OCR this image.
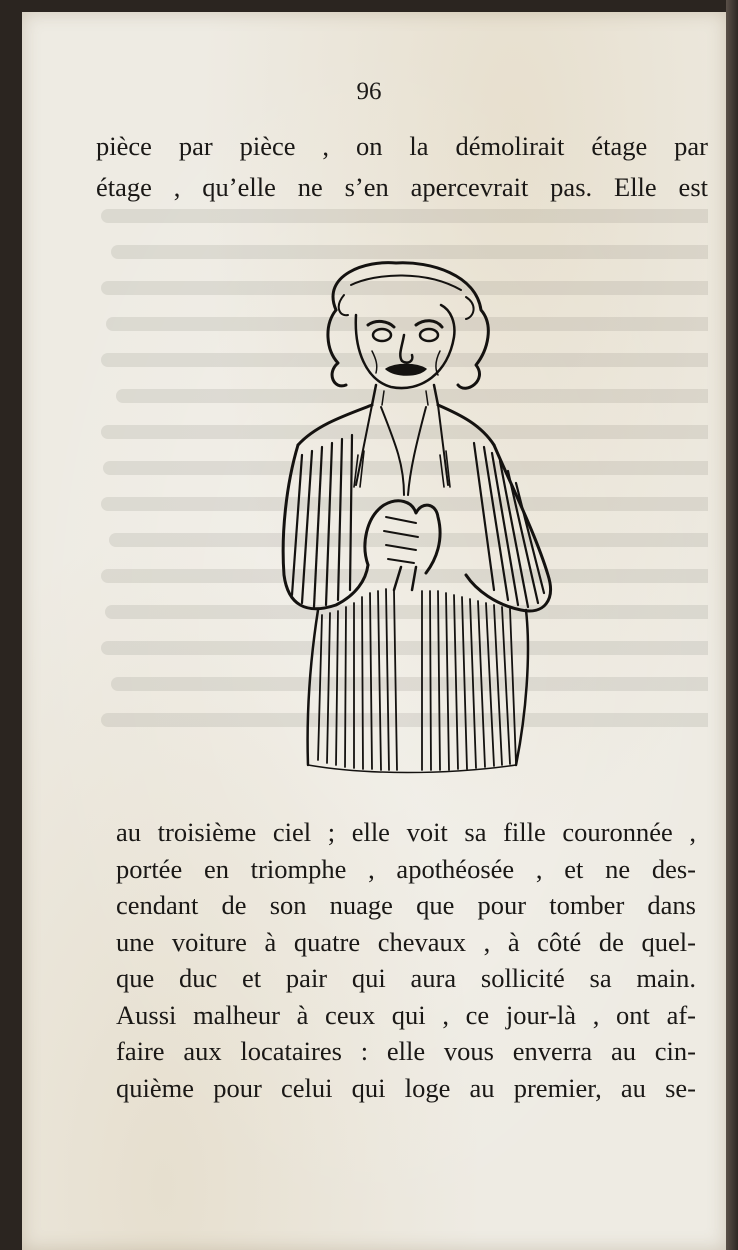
96
pièce par pièce , on la démolirait étage par
étage , qu’elle ne s’en apercevrait pas. Elle est
au troisième ciel ; elle voit sa fille couronnée ,
portée en triomphe , apothéosée , et ne des-
cendant de son nuage que pour tomber dans
une voiture à quatre chevaux , à côté de quel-
que duc et pair qui aura sollicité sa main.
Aussi malheur à ceux qui , ce jour-là , ont af-
faire aux locataires : elle vous enverra au cin-
quième pour celui qui loge au premier, au se-
